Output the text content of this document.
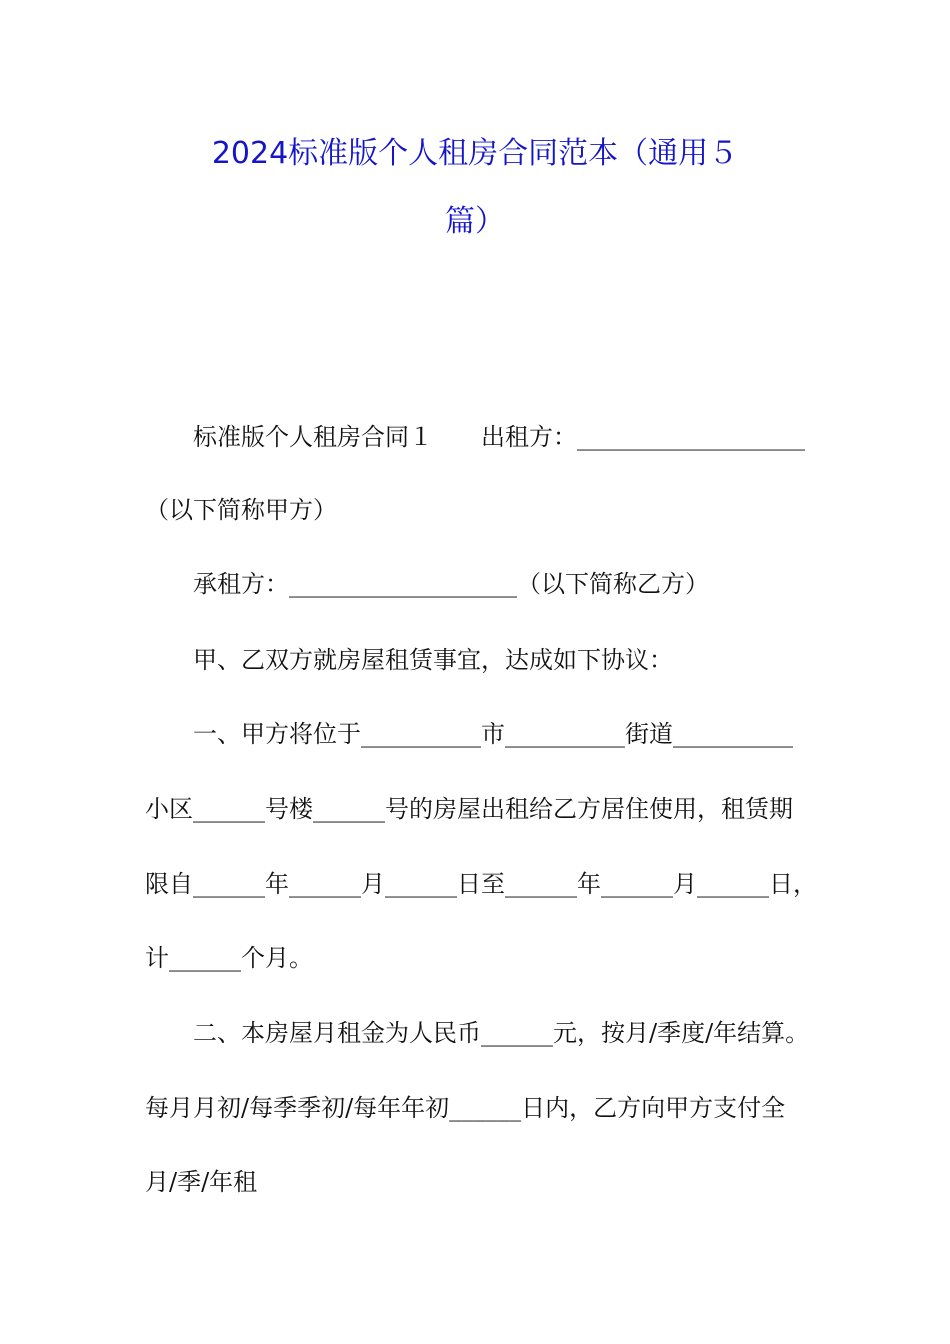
2024标准版个人租房合同范本（通用５
篇）
标准版个人租房合同１　　出租方：___________________
（以下简称甲方）
承租方：___________________（以下简称乙方）
甲、乙双方就房屋租赁事宜，达成如下协议：
一、甲方将位于__________市__________街道__________
小区______号楼______号的房屋出租给乙方居住使用，租赁期
限自______年______月______日至______年______月______日，
计______个月。
二、本房屋月租金为人民币______元，按月/季度/年结算。
每月月初/每季季初/每年年初______日内，乙方向甲方支付全
月/季/年租
